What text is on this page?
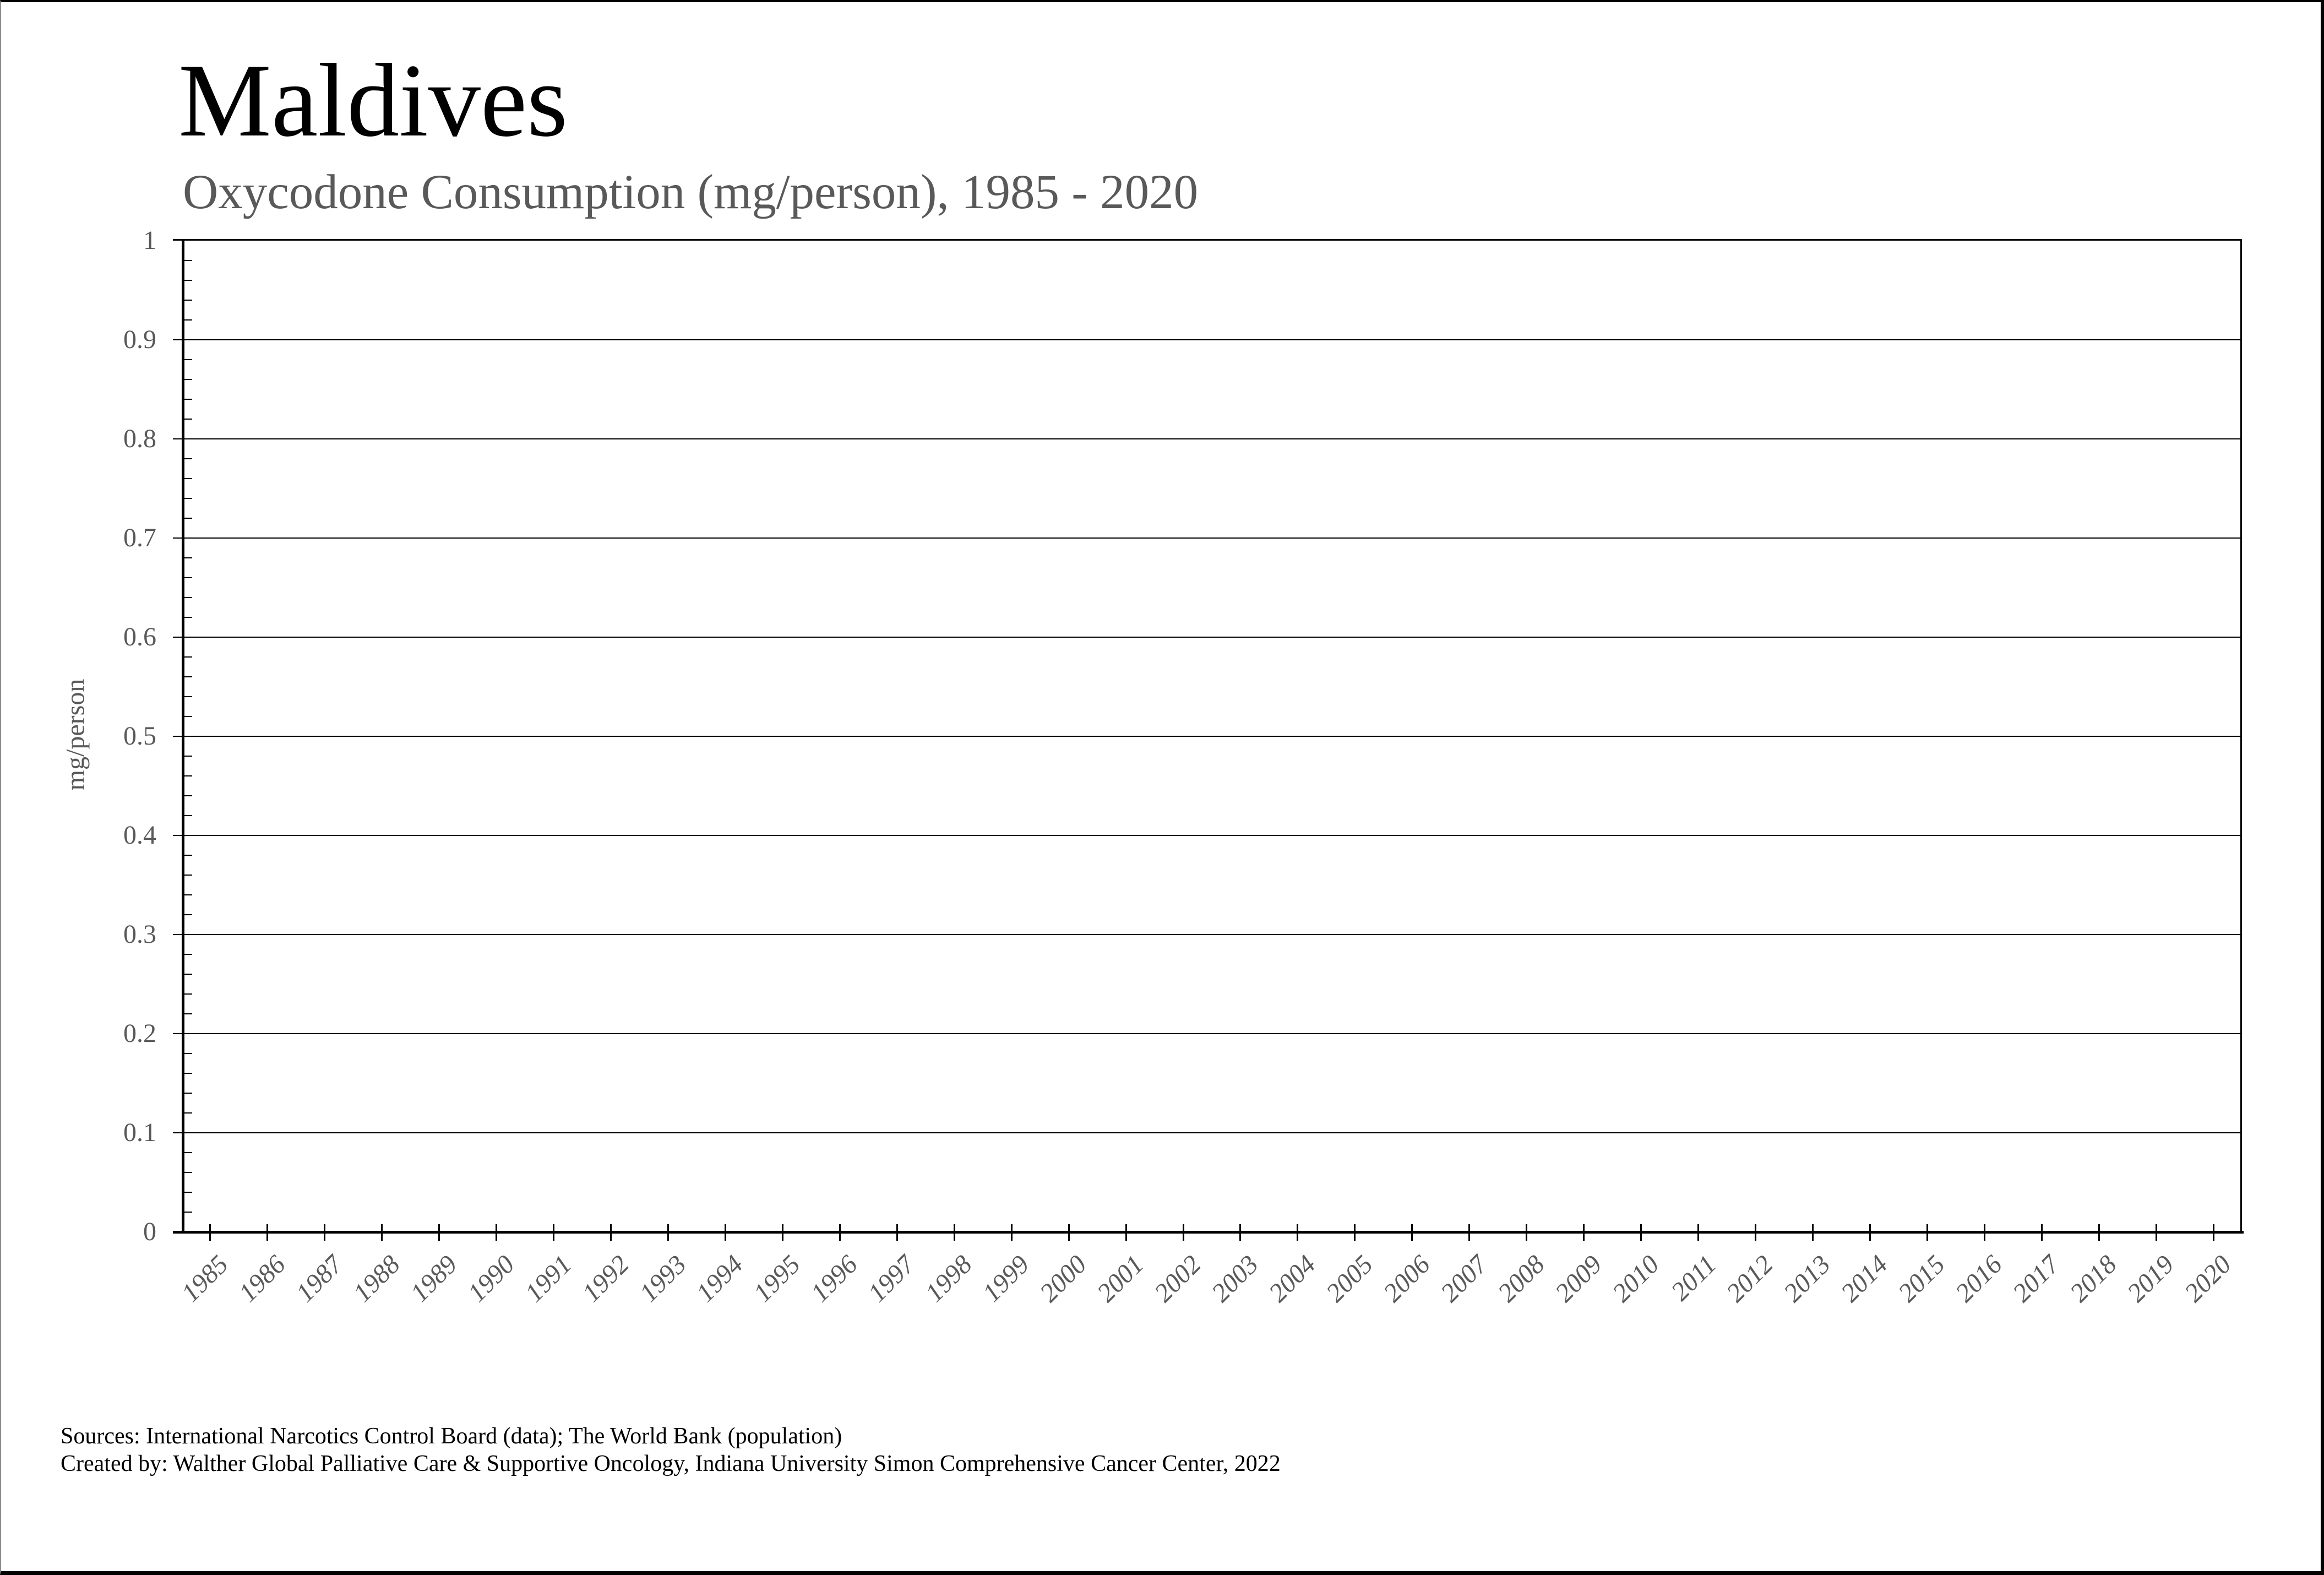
Maldives
Oxycodone Consumption (mg/person), 1985 - 2020
1
0.9
0.8
0.7
0.6
0.5
0.4
0.3
0.2
0.1
0
1985
1986
1987
1988
1989
1990
1991
1992
1993
1994
1995
1996
1997
1998
1999
2000
2001
2002
2003
2004
2005
2006
2007
2008
2009
2010 2011
2012
2013
2014
2015
2016
2017
2018
2019
2020
mg/person
Sources: International Narcotics Control Board (data); The World Bank (population)
Created by: Walther Global Palliative Care & Supportive Oncology, Indiana University Simon Comprehensive Cancer Center, 2022
